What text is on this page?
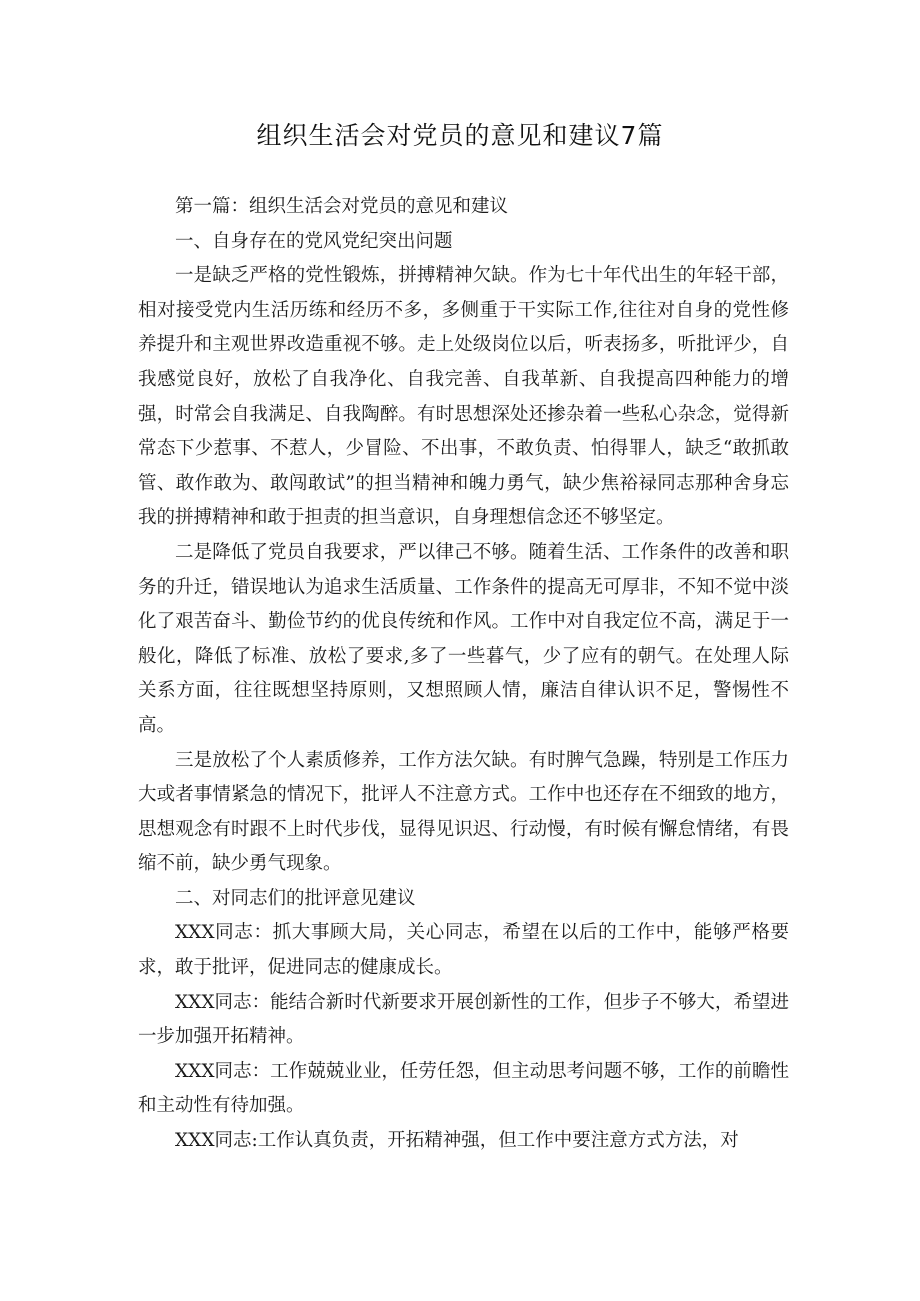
组织生活会对党员的意见和建议7篇

第一篇：组织生活会对党员的意见和建议

一、自身存在的党风党纪突出问题

一是缺乏严格的党性锻炼，拼搏精神欠缺。作为七十年代出生的年轻干部，相对接受党内生活历练和经历不多，多侧重于干实际工作,往往对自身的党性修养提升和主观世界改造重视不够。走上处级岗位以后，听表扬多，听批评少，自我感觉良好，放松了自我净化、自我完善、自我革新、自我提高四种能力的增强，时常会自我满足、自我陶醉。有时思想深处还掺杂着一些私心杂念，觉得新常态下少惹事、不惹人，少冒险、不出事，不敢负责、怕得罪人，缺乏“敢抓敢管、敢作敢为、敢闯敢试”的担当精神和魄力勇气，缺少焦裕禄同志那种舍身忘我的拼搏精神和敢于担责的担当意识，自身理想信念还不够坚定。

二是降低了党员自我要求，严以律己不够。随着生活、工作条件的改善和职务的升迁，错误地认为追求生活质量、工作条件的提高无可厚非，不知不觉中淡化了艰苦奋斗、勤俭节约的优良传统和作风。工作中对自我定位不高，满足于一般化，降低了标准、放松了要求,多了一些暮气，少了应有的朝气。在处理人际关系方面，往往既想坚持原则，又想照顾人情，廉洁自律认识不足，警惕性不高。

三是放松了个人素质修养，工作方法欠缺。有时脾气急躁，特别是工作压力大或者事情紧急的情况下，批评人不注意方式。工作中也还存在不细致的地方，思想观念有时跟不上时代步伐，显得见识迟、行动慢，有时候有懈怠情绪，有畏缩不前，缺少勇气现象。

二、对同志们的批评意见建议

XXX同志：抓大事顾大局，关心同志，希望在以后的工作中，能够严格要求，敢于批评，促进同志的健康成长。

XXX同志：能结合新时代新要求开展创新性的工作，但步子不够大，希望进一步加强开拓精神。

XXX同志：工作兢兢业业，任劳任怨，但主动思考问题不够，工作的前瞻性和主动性有待加强。

XXX同志:工作认真负责，开拓精神强，但工作中要注意方式方法，对
